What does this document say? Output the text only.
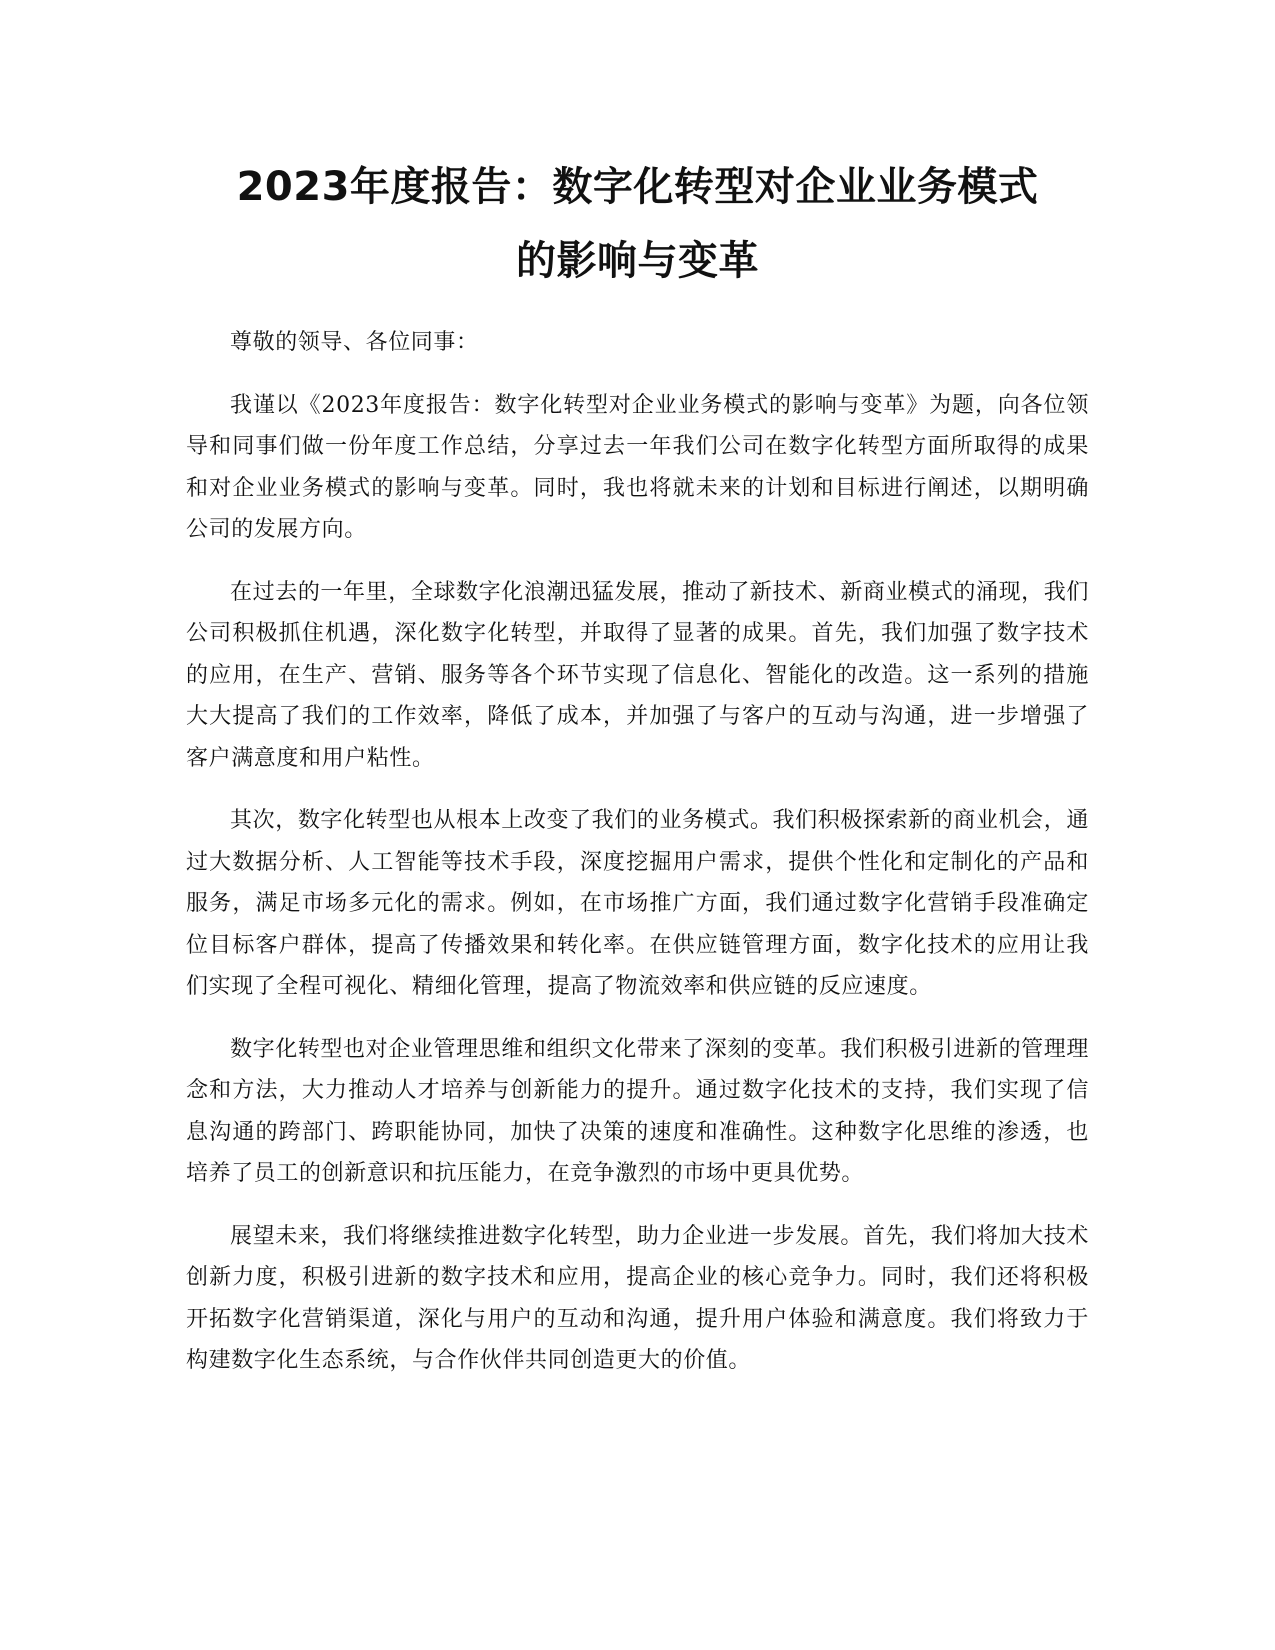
2023年度报告：数字化转型对企业业务模式
的影响与变革

尊敬的领导、各位同事：

我谨以《2023年度报告：数字化转型对企业业务模式的影响与变革》为题，向各位领导和同事们做一份年度工作总结，分享过去一年我们公司在数字化转型方面所取得的成果和对企业业务模式的影响与变革。同时，我也将就未来的计划和目标进行阐述，以期明确公司的发展方向。

在过去的一年里，全球数字化浪潮迅猛发展，推动了新技术、新商业模式的涌现，我们公司积极抓住机遇，深化数字化转型，并取得了显著的成果。首先，我们加强了数字技术的应用，在生产、营销、服务等各个环节实现了信息化、智能化的改造。这一系列的措施大大提高了我们的工作效率，降低了成本，并加强了与客户的互动与沟通，进一步增强了客户满意度和用户粘性。

其次，数字化转型也从根本上改变了我们的业务模式。我们积极探索新的商业机会，通过大数据分析、人工智能等技术手段，深度挖掘用户需求，提供个性化和定制化的产品和服务，满足市场多元化的需求。例如，在市场推广方面，我们通过数字化营销手段准确定位目标客户群体，提高了传播效果和转化率。在供应链管理方面，数字化技术的应用让我们实现了全程可视化、精细化管理，提高了物流效率和供应链的反应速度。

数字化转型也对企业管理思维和组织文化带来了深刻的变革。我们积极引进新的管理理念和方法，大力推动人才培养与创新能力的提升。通过数字化技术的支持，我们实现了信息沟通的跨部门、跨职能协同，加快了决策的速度和准确性。这种数字化思维的渗透，也培养了员工的创新意识和抗压能力，在竞争激烈的市场中更具优势。

展望未来，我们将继续推进数字化转型，助力企业进一步发展。首先，我们将加大技术创新力度，积极引进新的数字技术和应用，提高企业的核心竞争力。同时，我们还将积极开拓数字化营销渠道，深化与用户的互动和沟通，提升用户体验和满意度。我们将致力于构建数字化生态系统，与合作伙伴共同创造更大的价值。
